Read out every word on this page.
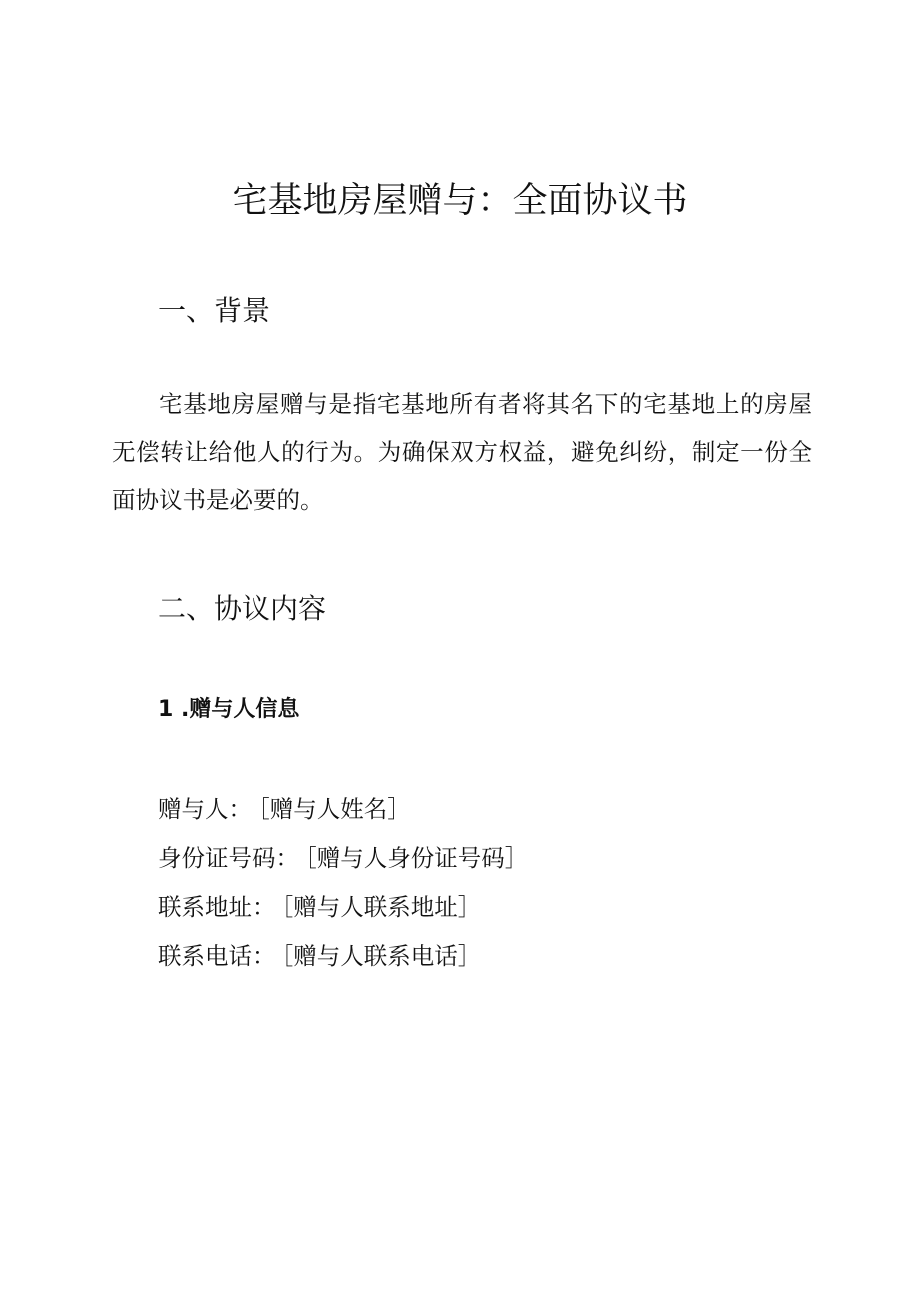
宅基地房屋赠与：全面协议书
一、背景

宅基地房屋赠与是指宅基地所有者将其名下的宅基地上的房屋无偿转让给他人的行为。为确保双方权益，避免纠纷，制定一份全面协议书是必要的。

二、协议内容
1 .赠与人信息
赠与人： ［赠与人姓名］
身份证号码： ［赠与人身份证号码］
联系地址： ［赠与人联系地址］
联系电话： ［赠与人联系电话］
